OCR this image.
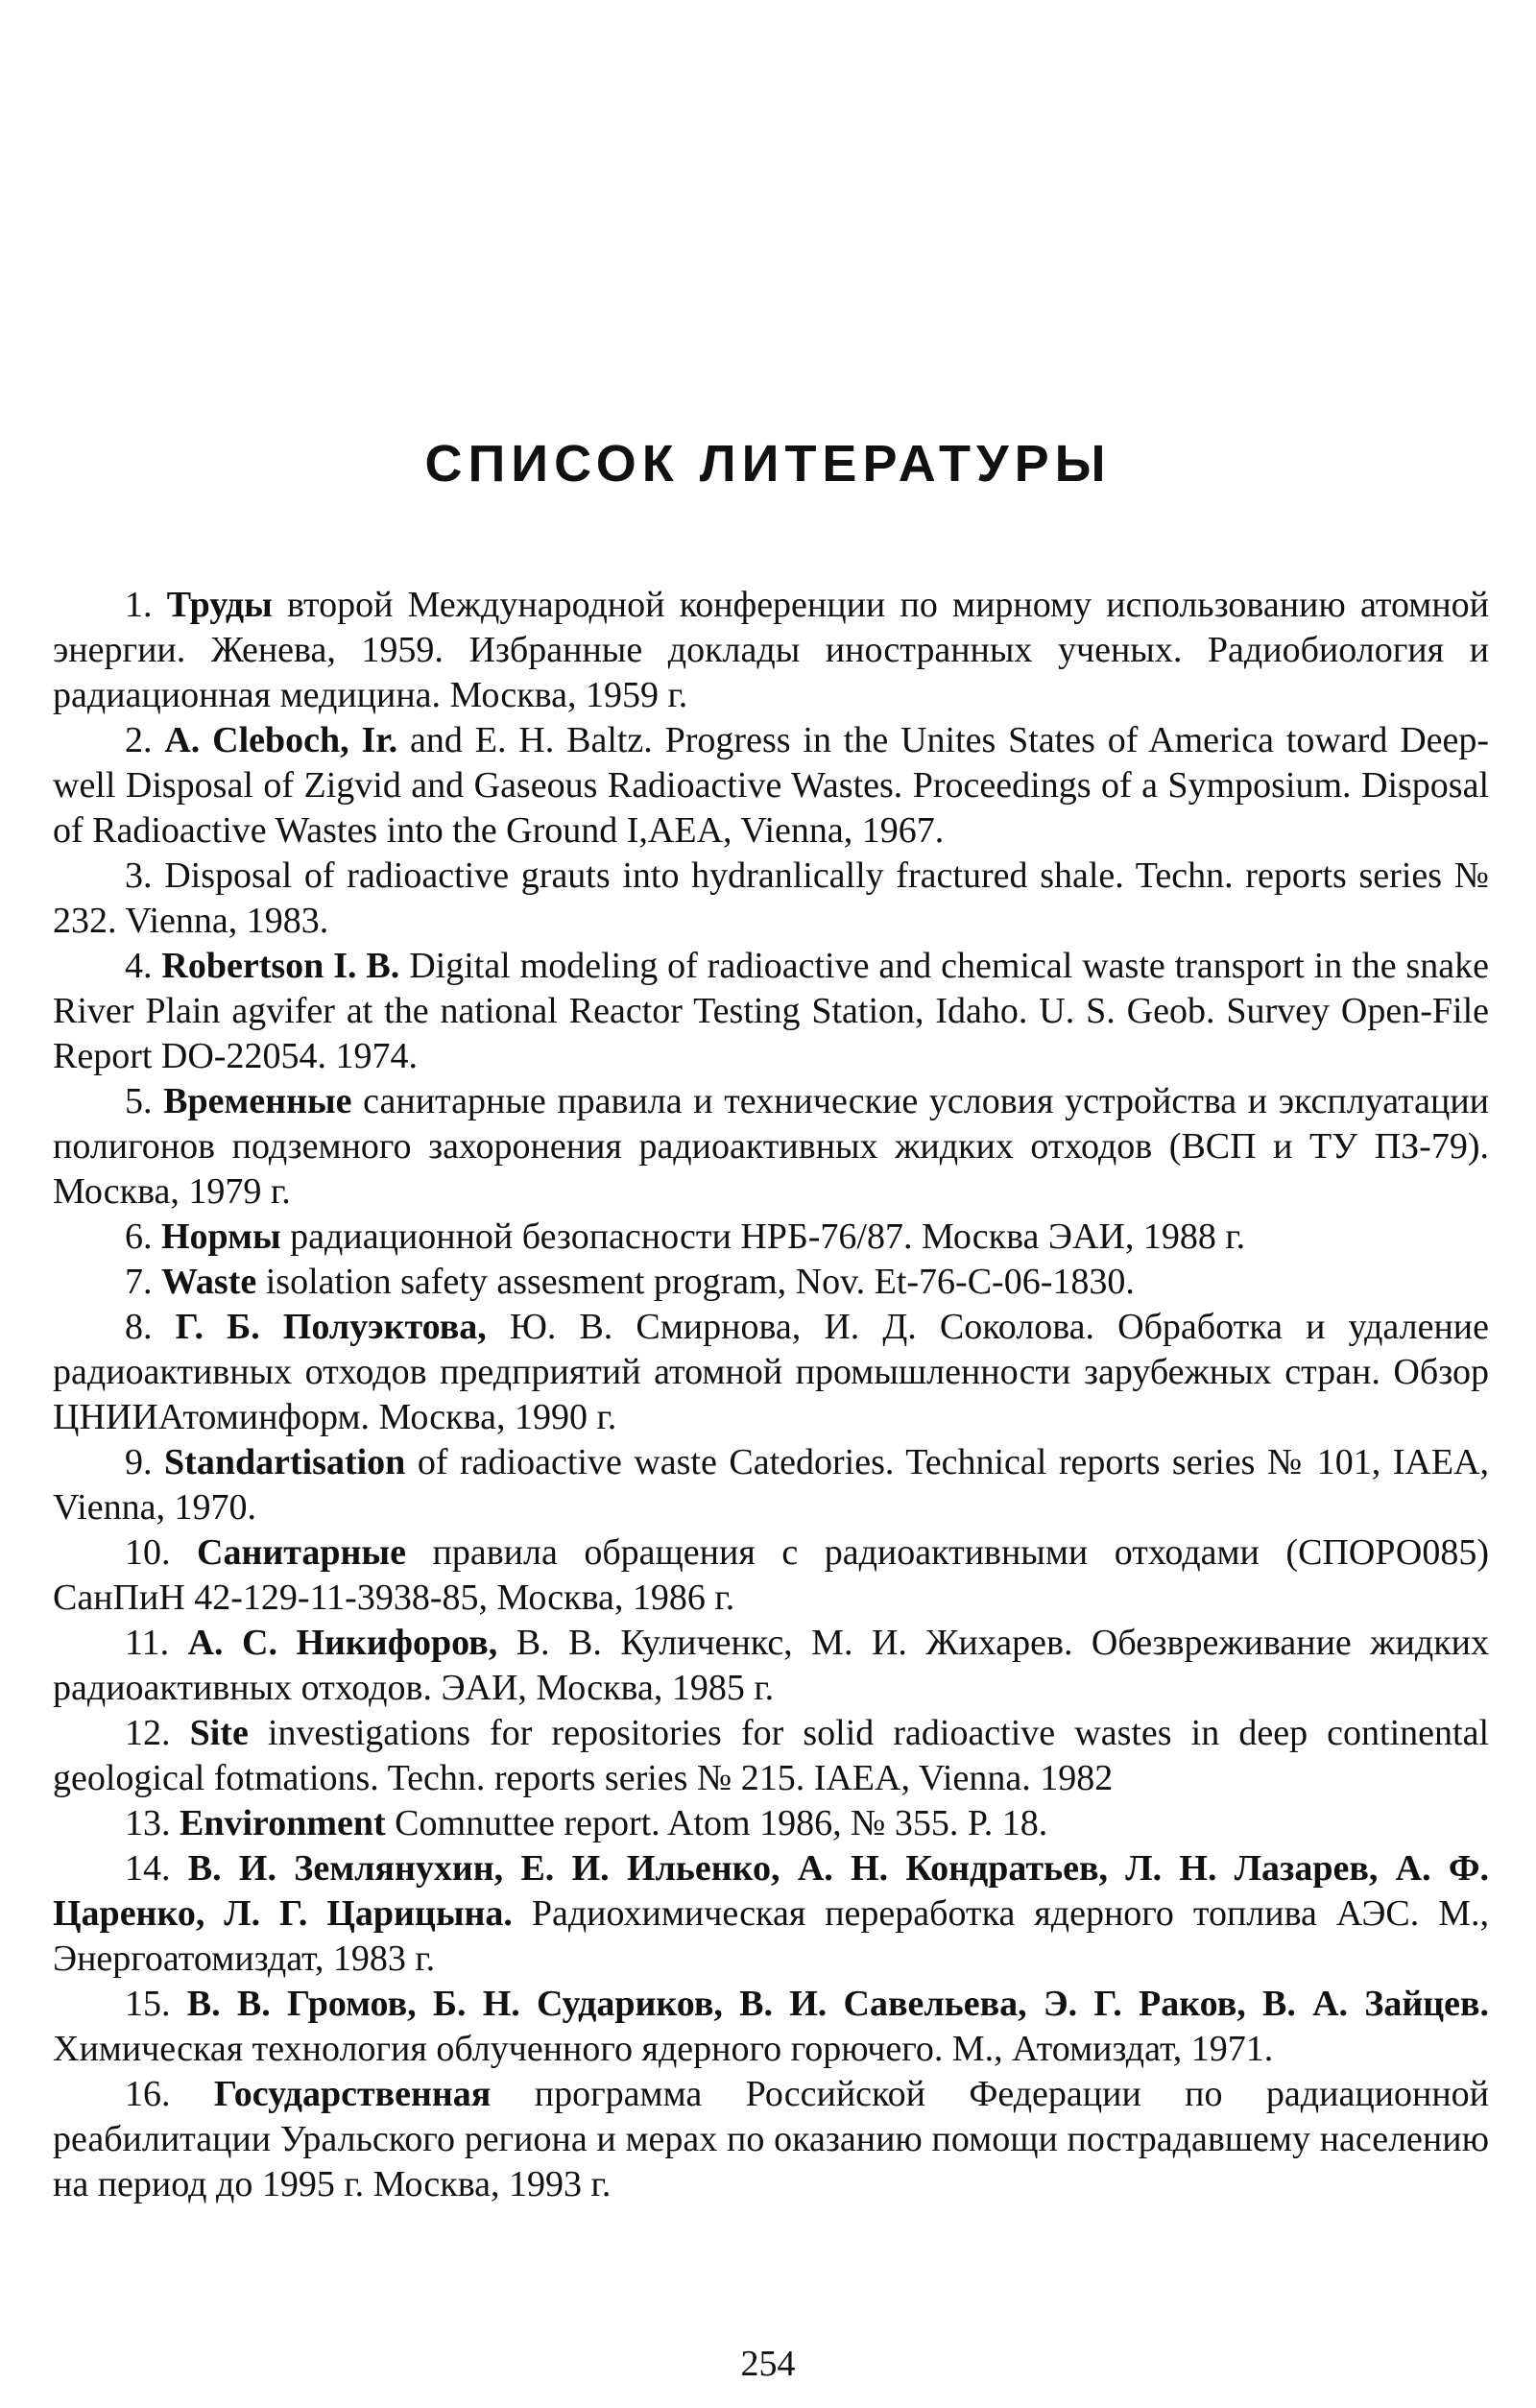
СПИСОК ЛИТЕРАТУРЫ
1. Труды второй Международной конференции по мирному использованию атомной энергии. Женева, 1959. Избранные доклады иностранных ученых. Радиобиология и радиационная медицина. Москва, 1959 г.
2. A. Cleboch, Ir. and E. H. Baltz. Progress in the Unites States of America toward Deep-well Disposal of Zigvid and Gaseous Radioactive Wastes. Proceedings of a Symposium. Disposal of Radioactive Wastes into the Ground I,AEA, Vienna, 1967.
3. Disposal of radioactive grauts into hydranlically fractured shale. Techn. reports series № 232. Vienna, 1983.
4. Robertson I. B. Digital modeling of radioactive and chemical waste transport in the snake River Plain agvifer at the national Reactor Testing Station, Idaho. U. S. Geob. Survey Open-File Report DO-22054. 1974.
5. Временные санитарные правила и технические условия устройства и эксплуатации полигонов подземного захоронения радиоактивных жидких отходов (ВСП и ТУ ПЗ-79). Москва, 1979 г.
6. Нормы радиационной безопасности НРБ-76/87. Москва ЭАИ, 1988 г.
7. Waste isolation safety assesment program, Nov. Et-76-C-06-1830.
8. Г. Б. Полуэктова, Ю. В. Смирнова, И. Д. Соколова. Обработка и удаление радиоактивных отходов предприятий атомной промышленности зарубежных стран. Обзор ЦНИИАтоминформ. Москва, 1990 г.
9. Standartisation of radioactive waste Catedories. Technical reports series № 101, IAEA, Vienna, 1970.
10. Санитарные правила обращения с радиоактивными отходами (СПОРО085) СанПиН 42-129-11-3938-85, Москва, 1986 г.
11. А. С. Никифоров, В. В. Куличенкс, М. И. Жихарев. Обезвреживание жидких радиоактивных отходов. ЭАИ, Москва, 1985 г.
12. Site investigations for repositories for solid radioactive wastes in deep continental geological fotmations. Techn. reports series № 215. IAEA, Vienna. 1982
13. Environment Comnuttee report. Atom 1986, № 355. P. 18.
14. В. И. Землянухин, Е. И. Ильенко, А. Н. Кондратьев, Л. Н. Лазарев, А. Ф. Царенко, Л. Г. Царицына. Радиохимическая переработка ядерного топлива АЭС. М., Энергоатомиздат, 1983 г.
15. В. В. Громов, Б. Н. Судариков, В. И. Савельева, Э. Г. Раков, В. А. Зайцев. Химическая технология облученного ядерного горючего. М., Атомиздат, 1971.
16. Государственная программа Российской Федерации по радиационной реабилитации Уральского региона и мерах по оказанию помощи пострадавшему населению на период до 1995 г. Москва, 1993 г.
254
